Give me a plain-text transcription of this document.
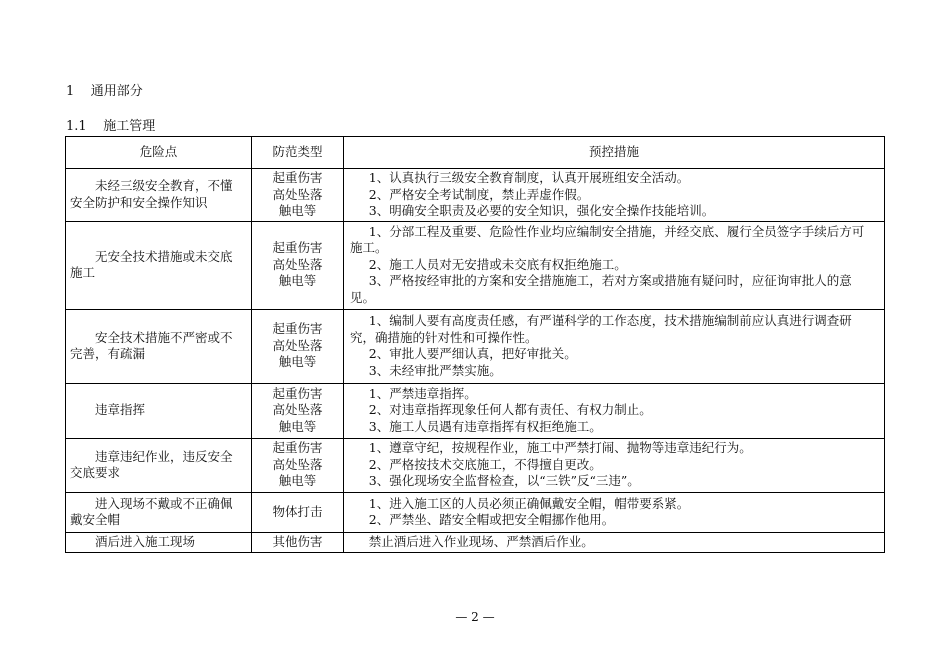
1    通用部分
1.1    施工管理
危险点	防范类型	预控措施
未经三级安全教育，不懂安全防护和安全操作知识	起重伤害
高处坠落
触电等	1、认真执行三级安全教育制度，认真开展班组安全活动。
2、严格安全考试制度，禁止弄虚作假。
3、明确安全职责及必要的安全知识，强化安全操作技能培训。

无安全技术措施或未交底施工	起重伤害
高处坠落
触电等	1、分部工程及重要、危险性作业均应编制安全措施，并经交底、履行全员签字手续后方可施工。
2、施工人员对无安措或未交底有权拒绝施工。
3、严格按经审批的方案和安全措施施工，若对方案或措施有疑问时，应征询审批人的意见。

安全技术措施不严密或不完善，有疏漏	起重伤害
高处坠落
触电等	1、编制人要有高度责任感，有严谨科学的工作态度，技术措施编制前应认真进行调查研究，确措施的针对性和可操作性。
2、审批人要严细认真，把好审批关。
3、未经审批严禁实施。

违章指挥	起重伤害
高处坠落
触电等	1、严禁违章指挥。
2、对违章指挥现象任何人都有责任、有权力制止。
3、施工人员遇有违章指挥有权拒绝施工。

违章违纪作业，违反安全交底要求	起重伤害
高处坠落
触电等	1、遵章守纪，按规程作业，施工中严禁打闹、抛物等违章违纪行为。
2、严格按技术交底施工，不得擅自更改。
3、强化现场安全监督检查，以“三铁”反“三违”。

进入现场不戴或不正确佩戴安全帽	物体打击	1、进入施工区的人员必须正确佩戴安全帽，帽带要系紧。
2、严禁坐、踏安全帽或把安全帽挪作他用。

酒后进入施工现场	其他伤害	禁止酒后进入作业现场、严禁酒后作业。
— 2 —
